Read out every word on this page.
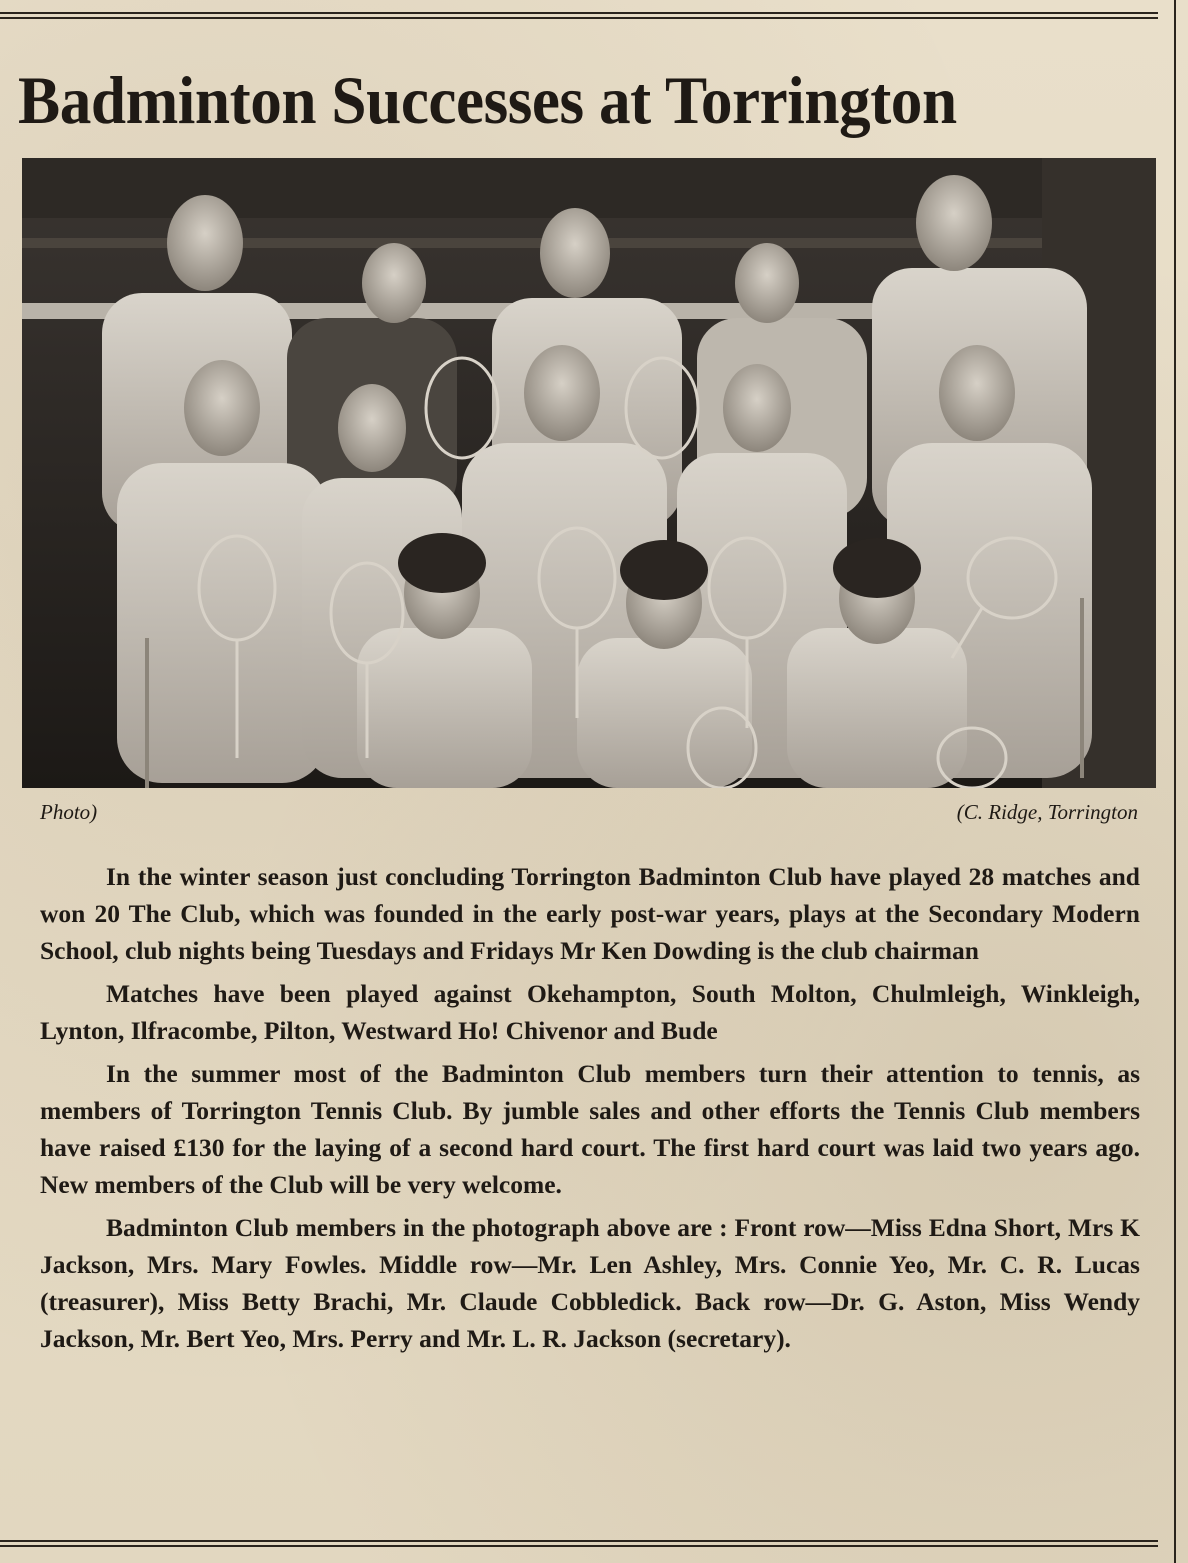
Badminton Successes at Torrington

Photo)	(C. Ridge, Torrington

In the winter season just concluding Torrington Badminton Club have played 28 matches and won 20 The Club, which was founded in the early post-war years, plays at the Secondary Modern School, club nights being Tuesdays and Fridays Mr Ken Dowding is the club chairman

Matches have been played against Okehampton, South Molton, Chulmleigh, Winkleigh, Lynton, Ilfracombe, Pilton, Westward Ho! Chivenor and Bude

In the summer most of the Badminton Club members turn their attention to tennis, as members of Torrington Tennis Club. By jumble sales and other efforts the Tennis Club members have raised £130 for the laying of a second hard court. The first hard court was laid two years ago. New members of the Club will be very welcome.

Badminton Club members in the photograph above are : Front row—Miss Edna Short, Mrs K Jackson, Mrs. Mary Fowles. Middle row—Mr. Len Ashley, Mrs. Connie Yeo, Mr. C. R. Lucas (treasurer), Miss Betty Brachi, Mr. Claude Cobbledick. Back row—Dr. G. Aston, Miss Wendy Jackson, Mr. Bert Yeo, Mrs. Perry and Mr. L. R. Jackson (secretary).
